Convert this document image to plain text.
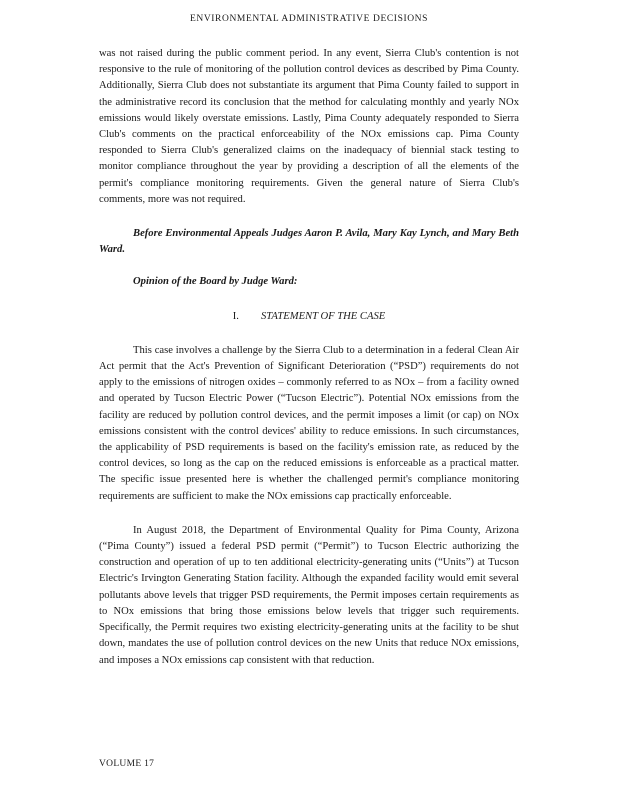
ENVIRONMENTAL ADMINISTRATIVE DECISIONS

was not raised during the public comment period. In any event, Sierra Club's contention is not responsive to the rule of monitoring of the pollution control devices as described by Pima County. Additionally, Sierra Club does not substantiate its argument that Pima County failed to support in the administrative record its conclusion that the method for calculating monthly and yearly NOx emissions would likely overstate emissions. Lastly, Pima County adequately responded to Sierra Club's comments on the practical enforceability of the NOx emissions cap. Pima County responded to Sierra Club's generalized claims on the inadequacy of biennial stack testing to monitor compliance throughout the year by providing a description of all the elements of the permit's compliance monitoring requirements. Given the general nature of Sierra Club's comments, more was not required.

Before Environmental Appeals Judges Aaron P. Avila, Mary Kay Lynch, and Mary Beth Ward.

Opinion of the Board by Judge Ward:

I. STATEMENT OF THE CASE

This case involves a challenge by the Sierra Club to a determination in a federal Clean Air Act permit that the Act's Prevention of Significant Deterioration (“PSD”) requirements do not apply to the emissions of nitrogen oxides – commonly referred to as NOx – from a facility owned and operated by Tucson Electric Power (“Tucson Electric”). Potential NOx emissions from the facility are reduced by pollution control devices, and the permit imposes a limit (or cap) on NOx emissions consistent with the control devices' ability to reduce emissions. In such circumstances, the applicability of PSD requirements is based on the facility's emission rate, as reduced by the control devices, so long as the cap on the reduced emissions is enforceable as a practical matter. The specific issue presented here is whether the challenged permit's compliance monitoring requirements are sufficient to make the NOx emissions cap practically enforceable.

In August 2018, the Department of Environmental Quality for Pima County, Arizona (“Pima County”) issued a federal PSD permit (“Permit”) to Tucson Electric authorizing the construction and operation of up to ten additional electricity-generating units (“Units”) at Tucson Electric's Irvington Generating Station facility. Although the expanded facility would emit several pollutants above levels that trigger PSD requirements, the Permit imposes certain requirements as to NOx emissions that bring those emissions below levels that trigger such requirements. Specifically, the Permit requires two existing electricity-generating units at the facility to be shut down, mandates the use of pollution control devices on the new Units that reduce NOx emissions, and imposes a NOx emissions cap consistent with that reduction.

VOLUME 17
